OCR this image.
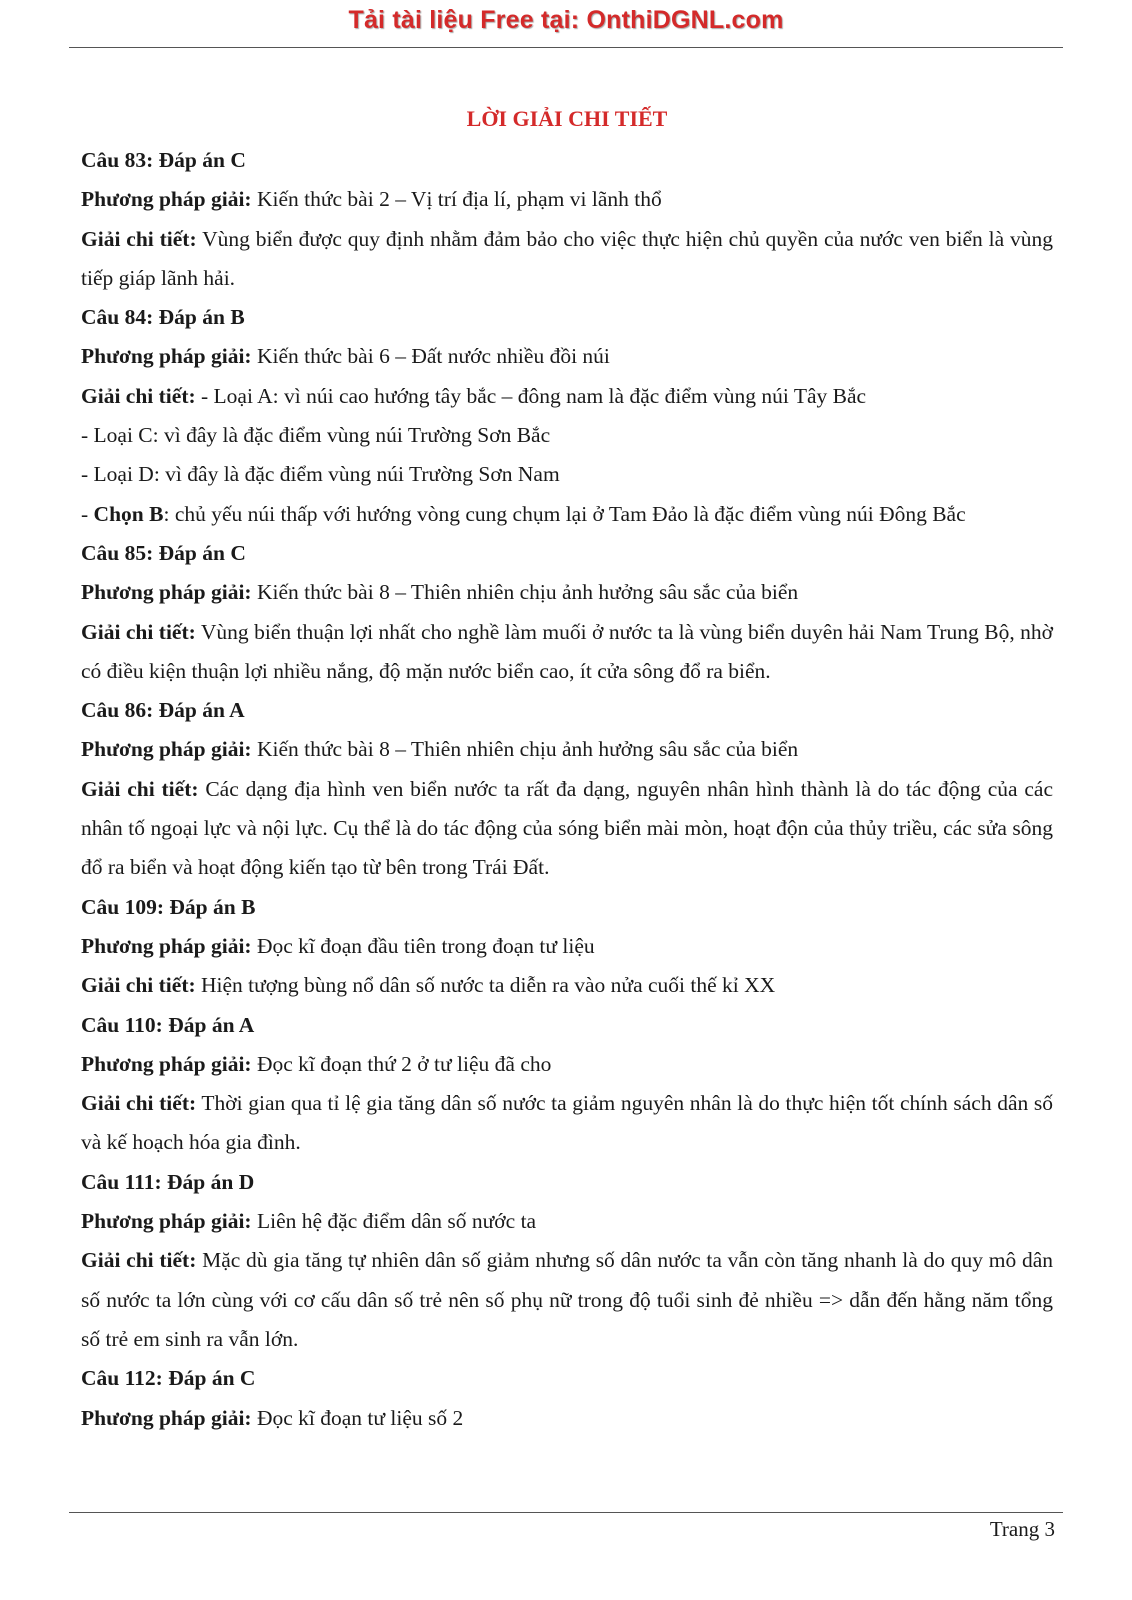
Tải tài liệu Free tại: OnthiDGNL.com
LỜI GIẢI CHI TIẾT

Câu 83: Đáp án C

Phương pháp giải: Kiến thức bài 2 – Vị trí địa lí, phạm vi lãnh thổ

Giải chi tiết: Vùng biển được quy định nhằm đảm bảo cho việc thực hiện chủ quyền của nước ven biển là vùng tiếp giáp lãnh hải.

Câu 84: Đáp án B

Phương pháp giải: Kiến thức bài 6 – Đất nước nhiều đồi núi

Giải chi tiết: - Loại A: vì núi cao hướng tây bắc – đông nam là đặc điểm vùng núi Tây Bắc

- Loại C: vì đây là đặc điểm vùng núi Trường Sơn Bắc

- Loại D: vì đây là đặc điểm vùng núi Trường Sơn Nam

- Chọn B: chủ yếu núi thấp với hướng vòng cung chụm lại ở Tam Đảo là đặc điểm vùng núi Đông Bắc

Câu 85: Đáp án C

Phương pháp giải: Kiến thức bài 8 – Thiên nhiên chịu ảnh hưởng sâu sắc của biển

Giải chi tiết: Vùng biển thuận lợi nhất cho nghề làm muối ở nước ta là vùng biển duyên hải Nam Trung Bộ, nhờ có điều kiện thuận lợi nhiều nắng, độ mặn nước biển cao, ít cửa sông đổ ra biển.

Câu 86: Đáp án A

Phương pháp giải: Kiến thức bài 8 – Thiên nhiên chịu ảnh hưởng sâu sắc của biển

Giải chi tiết: Các dạng địa hình ven biển nước ta rất đa dạng, nguyên nhân hình thành là do tác động của các nhân tố ngoại lực và nội lực. Cụ thể là do tác động của sóng biển mài mòn, hoạt độn của thủy triều, các sửa sông đổ ra biển và hoạt động kiến tạo từ bên trong Trái Đất.

Câu 109: Đáp án B

Phương pháp giải: Đọc kĩ đoạn đầu tiên trong đoạn tư liệu

Giải chi tiết: Hiện tượng bùng nổ dân số nước ta diễn ra vào nửa cuối thế kỉ XX

Câu 110: Đáp án A

Phương pháp giải: Đọc kĩ đoạn thứ 2 ở tư liệu đã cho

Giải chi tiết: Thời gian qua tỉ lệ gia tăng dân số nước ta giảm nguyên nhân là do thực hiện tốt chính sách dân số và kế hoạch hóa gia đình.

Câu 111: Đáp án D

Phương pháp giải: Liên hệ đặc điểm dân số nước ta

Giải chi tiết: Mặc dù gia tăng tự nhiên dân số giảm nhưng số dân nước ta vẫn còn tăng nhanh là do quy mô dân số nước ta lớn cùng với cơ cấu dân số trẻ nên số phụ nữ trong độ tuổi sinh đẻ nhiều => dẫn đến hằng năm tổng số trẻ em sinh ra vẫn lớn.

Câu 112: Đáp án C

Phương pháp giải: Đọc kĩ đoạn tư liệu số 2

Trang 3
